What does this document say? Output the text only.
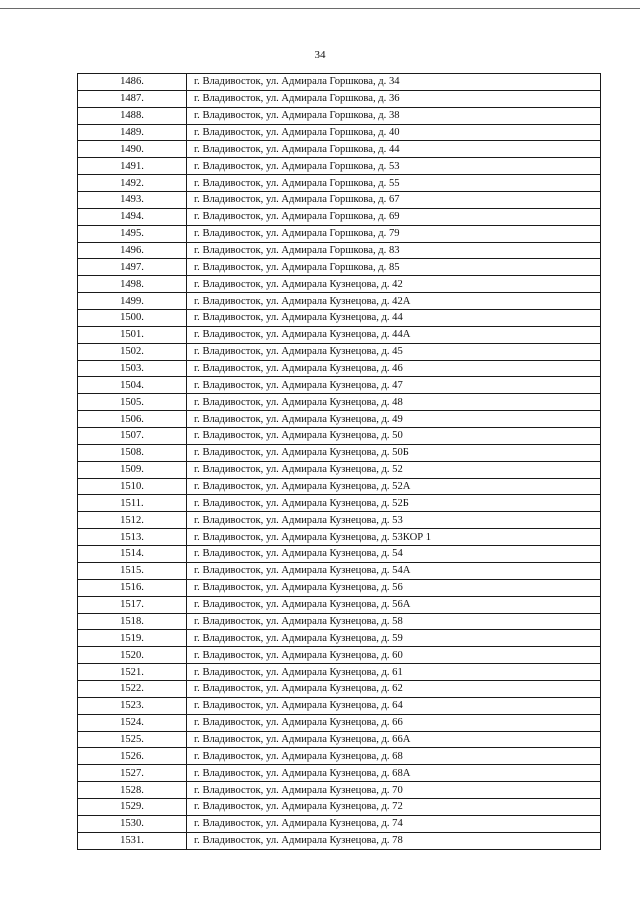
34
1486.	г. Владивосток, ул. Адмирала Горшкова, д. 34
1487.	г. Владивосток, ул. Адмирала Горшкова, д. 36
1488.	г. Владивосток, ул. Адмирала Горшкова, д. 38
1489.	г. Владивосток, ул. Адмирала Горшкова, д. 40
1490.	г. Владивосток, ул. Адмирала Горшкова, д. 44
1491.	г. Владивосток, ул. Адмирала Горшкова, д. 53
1492.	г. Владивосток, ул. Адмирала Горшкова, д. 55
1493.	г. Владивосток, ул. Адмирала Горшкова, д. 67
1494.	г. Владивосток, ул. Адмирала Горшкова, д. 69
1495.	г. Владивосток, ул. Адмирала Горшкова, д. 79
1496.	г. Владивосток, ул. Адмирала Горшкова, д. 83
1497.	г. Владивосток, ул. Адмирала Горшкова, д. 85
1498.	г. Владивосток, ул. Адмирала Кузнецова, д. 42
1499.	г. Владивосток, ул. Адмирала Кузнецова, д. 42А
1500.	г. Владивосток, ул. Адмирала Кузнецова, д. 44
1501.	г. Владивосток, ул. Адмирала Кузнецова, д. 44А
1502.	г. Владивосток, ул. Адмирала Кузнецова, д. 45
1503.	г. Владивосток, ул. Адмирала Кузнецова, д. 46
1504.	г. Владивосток, ул. Адмирала Кузнецова, д. 47
1505.	г. Владивосток, ул. Адмирала Кузнецова, д. 48
1506.	г. Владивосток, ул. Адмирала Кузнецова, д. 49
1507.	г. Владивосток, ул. Адмирала Кузнецова, д. 50
1508.	г. Владивосток, ул. Адмирала Кузнецова, д. 50Б
1509.	г. Владивосток, ул. Адмирала Кузнецова, д. 52
1510.	г. Владивосток, ул. Адмирала Кузнецова, д. 52А
1511.	г. Владивосток, ул. Адмирала Кузнецова, д. 52Б
1512.	г. Владивосток, ул. Адмирала Кузнецова, д. 53
1513.	г. Владивосток, ул. Адмирала Кузнецова, д. 53КОР 1
1514.	г. Владивосток, ул. Адмирала Кузнецова, д. 54
1515.	г. Владивосток, ул. Адмирала Кузнецова, д. 54А
1516.	г. Владивосток, ул. Адмирала Кузнецова, д. 56
1517.	г. Владивосток, ул. Адмирала Кузнецова, д. 56А
1518.	г. Владивосток, ул. Адмирала Кузнецова, д. 58
1519.	г. Владивосток, ул. Адмирала Кузнецова, д. 59
1520.	г. Владивосток, ул. Адмирала Кузнецова, д. 60
1521.	г. Владивосток, ул. Адмирала Кузнецова, д. 61
1522.	г. Владивосток, ул. Адмирала Кузнецова, д. 62
1523.	г. Владивосток, ул. Адмирала Кузнецова, д. 64
1524.	г. Владивосток, ул. Адмирала Кузнецова, д. 66
1525.	г. Владивосток, ул. Адмирала Кузнецова, д. 66А
1526.	г. Владивосток, ул. Адмирала Кузнецова, д. 68
1527.	г. Владивосток, ул. Адмирала Кузнецова, д. 68А
1528.	г. Владивосток, ул. Адмирала Кузнецова, д. 70
1529.	г. Владивосток, ул. Адмирала Кузнецова, д. 72
1530.	г. Владивосток, ул. Адмирала Кузнецова, д. 74
1531.	г. Владивосток, ул. Адмирала Кузнецова, д. 78
